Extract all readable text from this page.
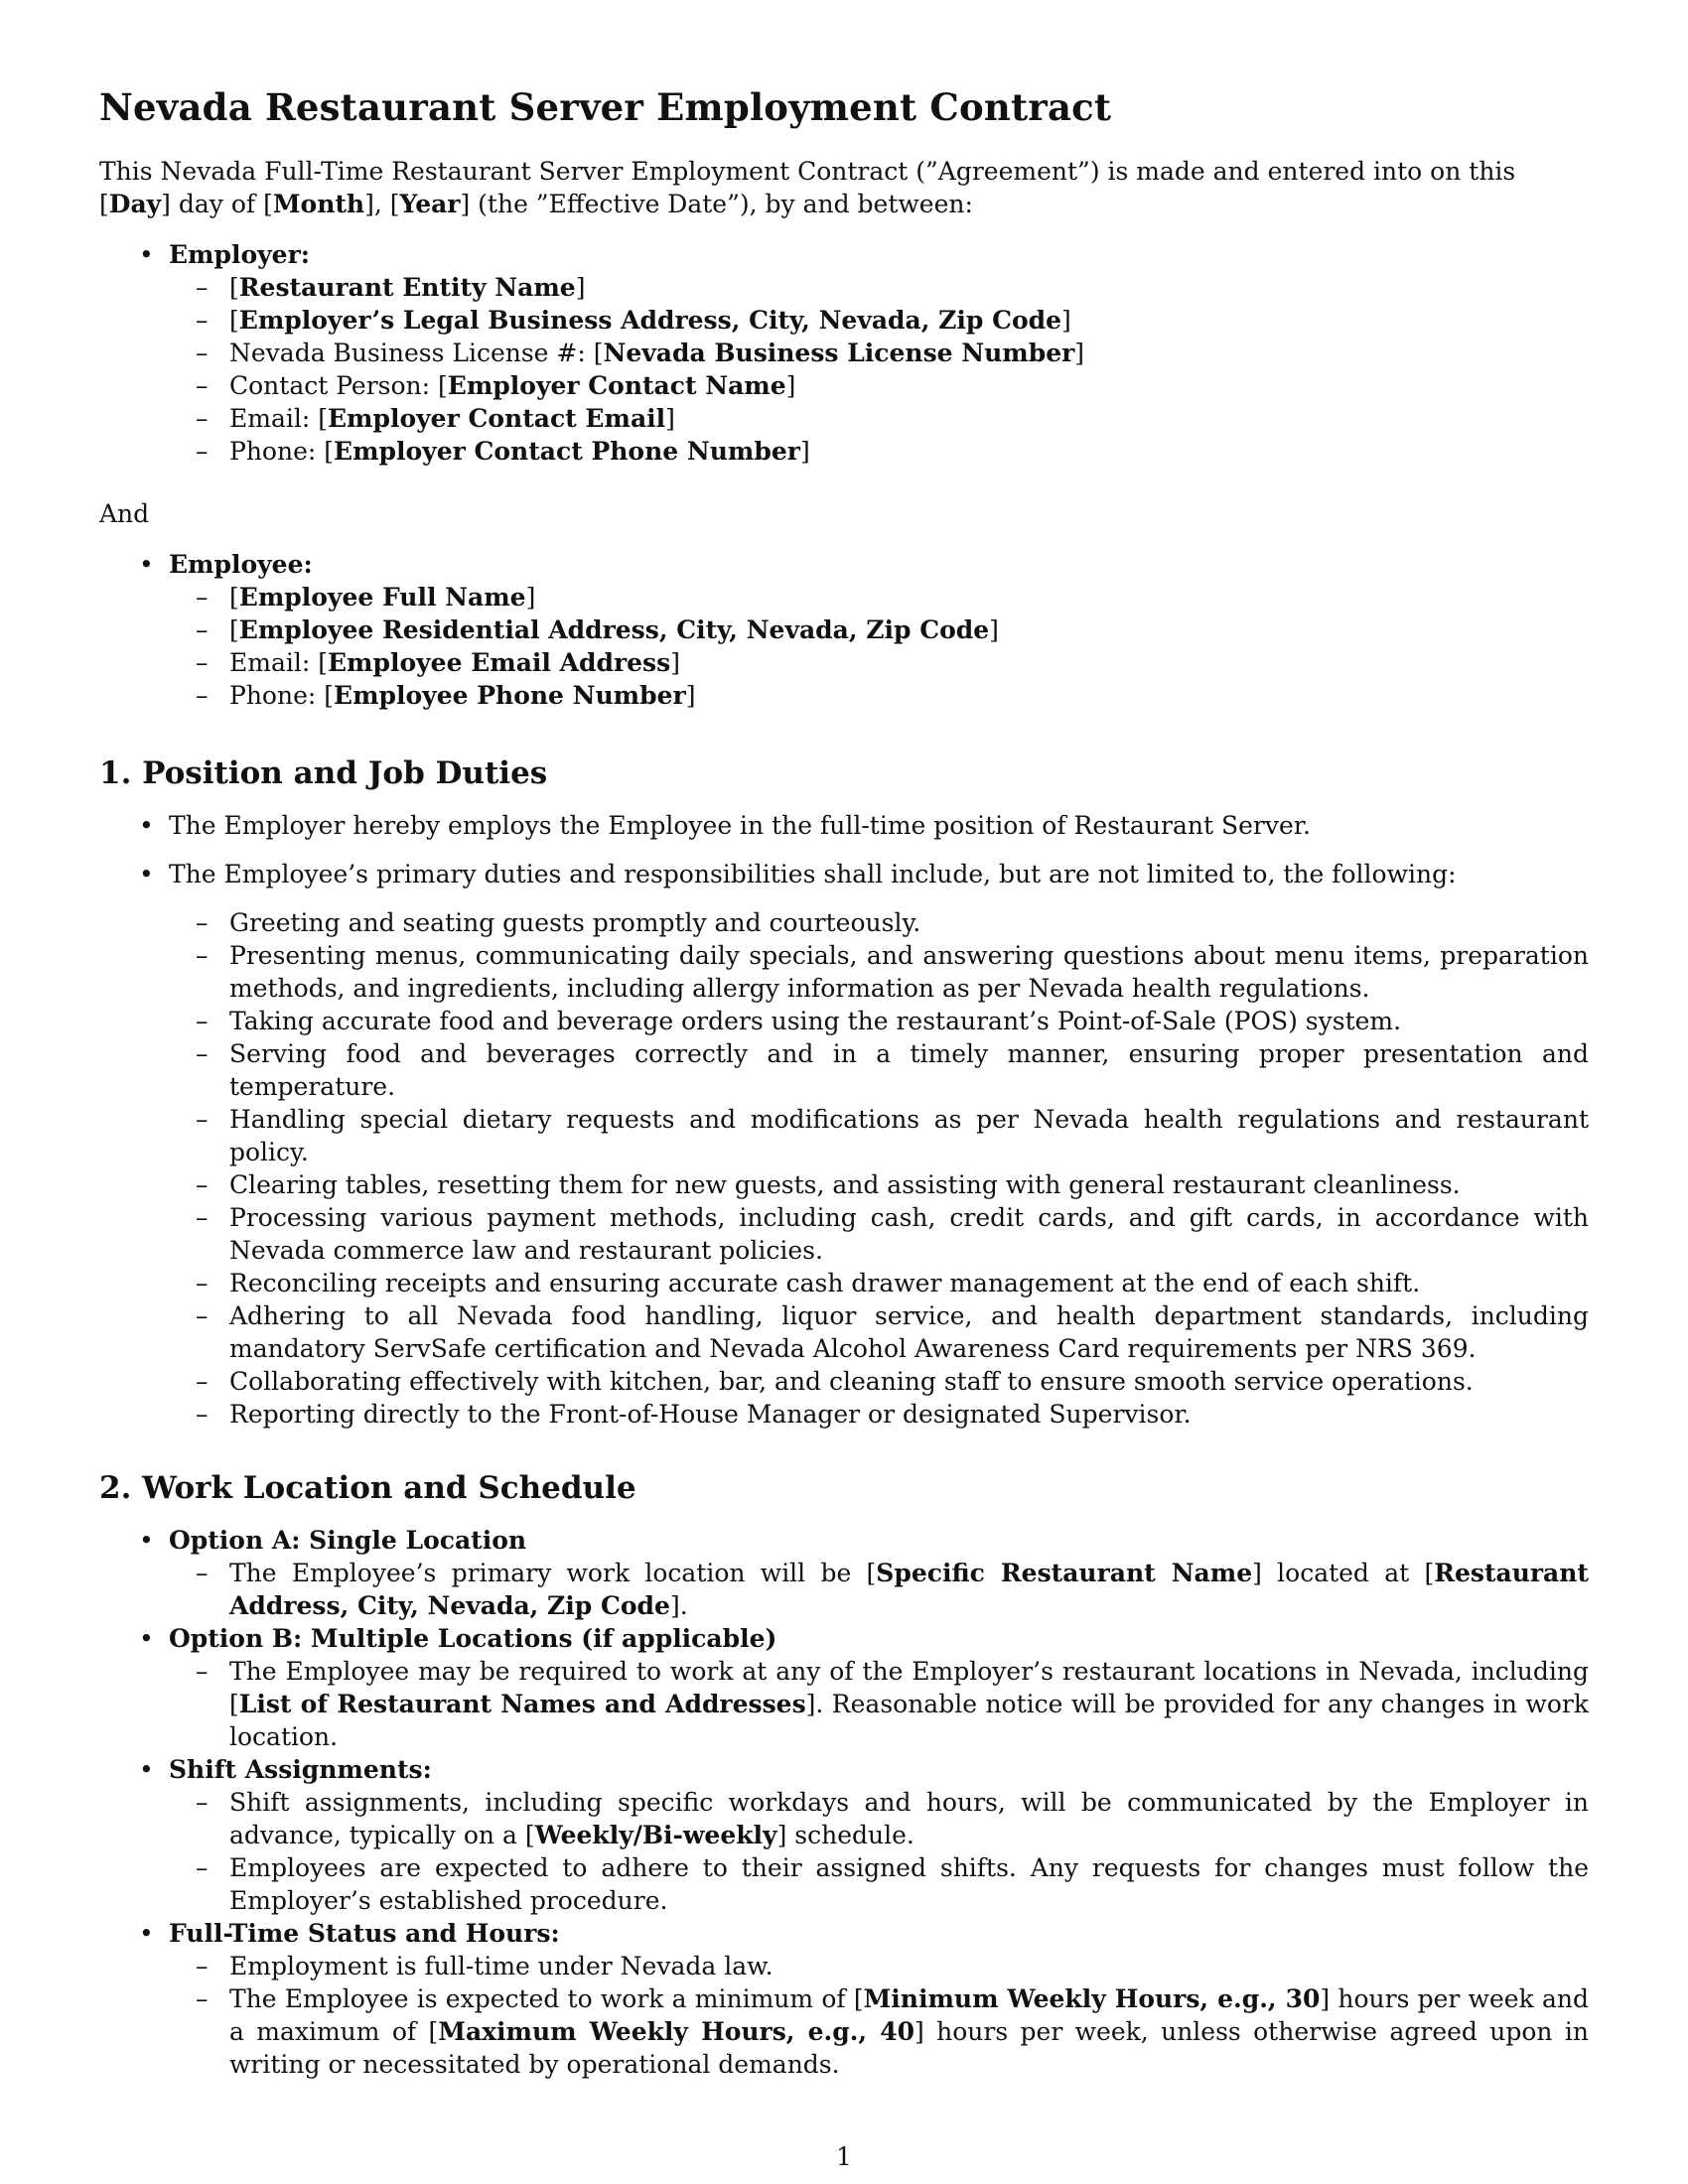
Nevada Restaurant Server Employment Contract

This Nevada Full-Time Restaurant Server Employment Contract (”Agreement”) is made and entered into on this [Day] day of [Month], [Year] (the ”Effective Date”), by and between:

• Employer:
– [Restaurant Entity Name]
– [Employer’s Legal Business Address, City, Nevada, Zip Code]
– Nevada Business License #: [Nevada Business License Number]
– Contact Person: [Employer Contact Name]
– Email: [Employer Contact Email]
– Phone: [Employer Contact Phone Number]

And

• Employee:
– [Employee Full Name]
– [Employee Residential Address, City, Nevada, Zip Code]
– Email: [Employee Email Address]
– Phone: [Employee Phone Number]
1. Position and Job Duties
• The Employer hereby employs the Employee in the full-time position of Restaurant Server.
• The Employee’s primary duties and responsibilities shall include, but are not limited to, the following:
– Greeting and seating guests promptly and courteously.
– Presenting menus, communicating daily specials, and answering questions about menu items, preparation methods, and ingredients, including allergy information as per Nevada health regulations.
– Taking accurate food and beverage orders using the restaurant’s Point-of-Sale (POS) system.
– Serving food and beverages correctly and in a timely manner, ensuring proper presentation and temperature.
– Handling special dietary requests and modifications as per Nevada health regulations and restaurant policy.
– Clearing tables, resetting them for new guests, and assisting with general restaurant cleanliness.
– Processing various payment methods, including cash, credit cards, and gift cards, in accordance with Nevada commerce law and restaurant policies.
– Reconciling receipts and ensuring accurate cash drawer management at the end of each shift.
– Adhering to all Nevada food handling, liquor service, and health department standards, including mandatory ServSafe certification and Nevada Alcohol Awareness Card requirements per NRS 369.
– Collaborating effectively with kitchen, bar, and cleaning staff to ensure smooth service operations.
– Reporting directly to the Front-of-House Manager or designated Supervisor.
2. Work Location and Schedule
• Option A: Single Location
– The Employee’s primary work location will be [Specific Restaurant Name] located at [Restaurant Address, City, Nevada, Zip Code].
• Option B: Multiple Locations (if applicable)
– The Employee may be required to work at any of the Employer’s restaurant locations in Nevada, including [List of Restaurant Names and Addresses]. Reasonable notice will be provided for any changes in work location.
• Shift Assignments:
– Shift assignments, including specific workdays and hours, will be communicated by the Employer in advance, typically on a [Weekly/Bi-weekly] schedule.
– Employees are expected to adhere to their assigned shifts. Any requests for changes must follow the Employer’s established procedure.
• Full-Time Status and Hours:
– Employment is full-time under Nevada law.
– The Employee is expected to work a minimum of [Minimum Weekly Hours, e.g., 30] hours per week and a maximum of [Maximum Weekly Hours, e.g., 40] hours per week, unless otherwise agreed upon in writing or necessitated by operational demands.
1
